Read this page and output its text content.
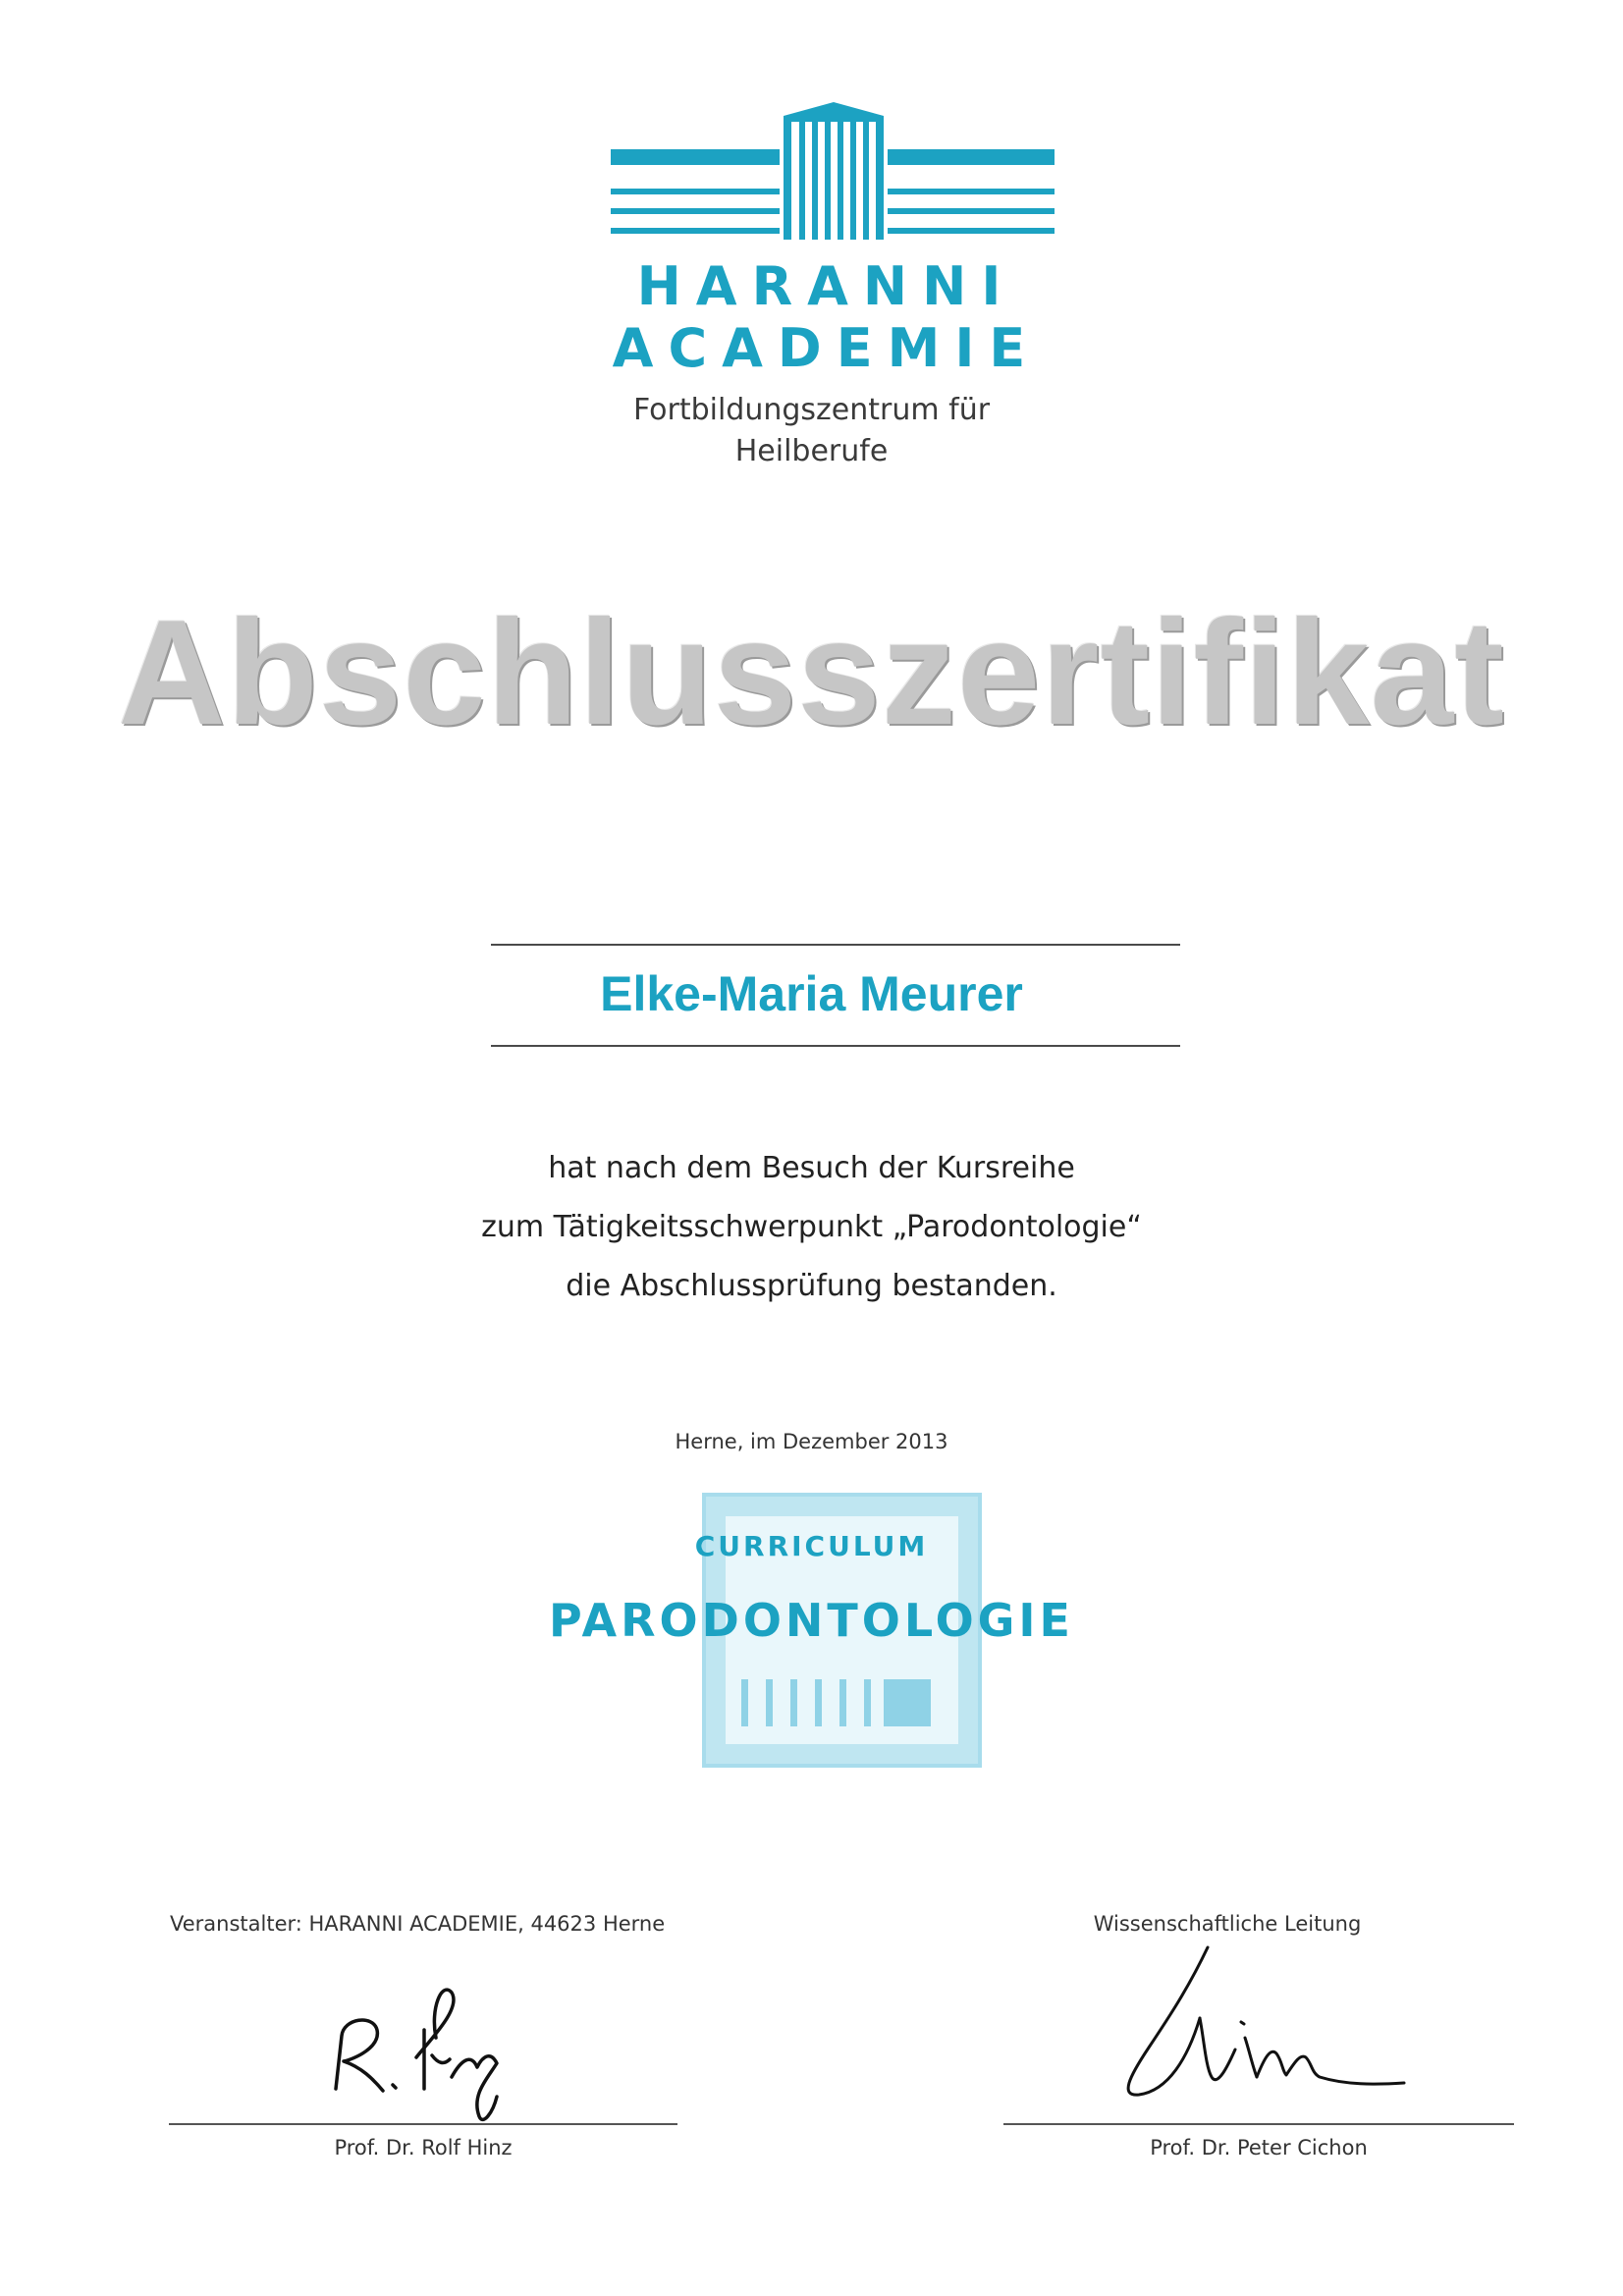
HARANNI
ACADEMIE

Fortbildungszentrum für

Heilberufe

Abschlusszertifikat
Elke-Maria Meurer

hat nach dem Besuch der Kursreihe

zum Tätigkeitsschwerpunkt „Parodontologie“

die Abschlussprüfung bestanden.

Herne, im Dezember 2013

CURRICULUM

PARODONTOLOGIE

Veranstalter: HARANNI ACADEMIE, 44623 Herne	Wissenschaftliche Leitung

Prof. Dr. Rolf Hinz	Prof. Dr. Peter Cichon
